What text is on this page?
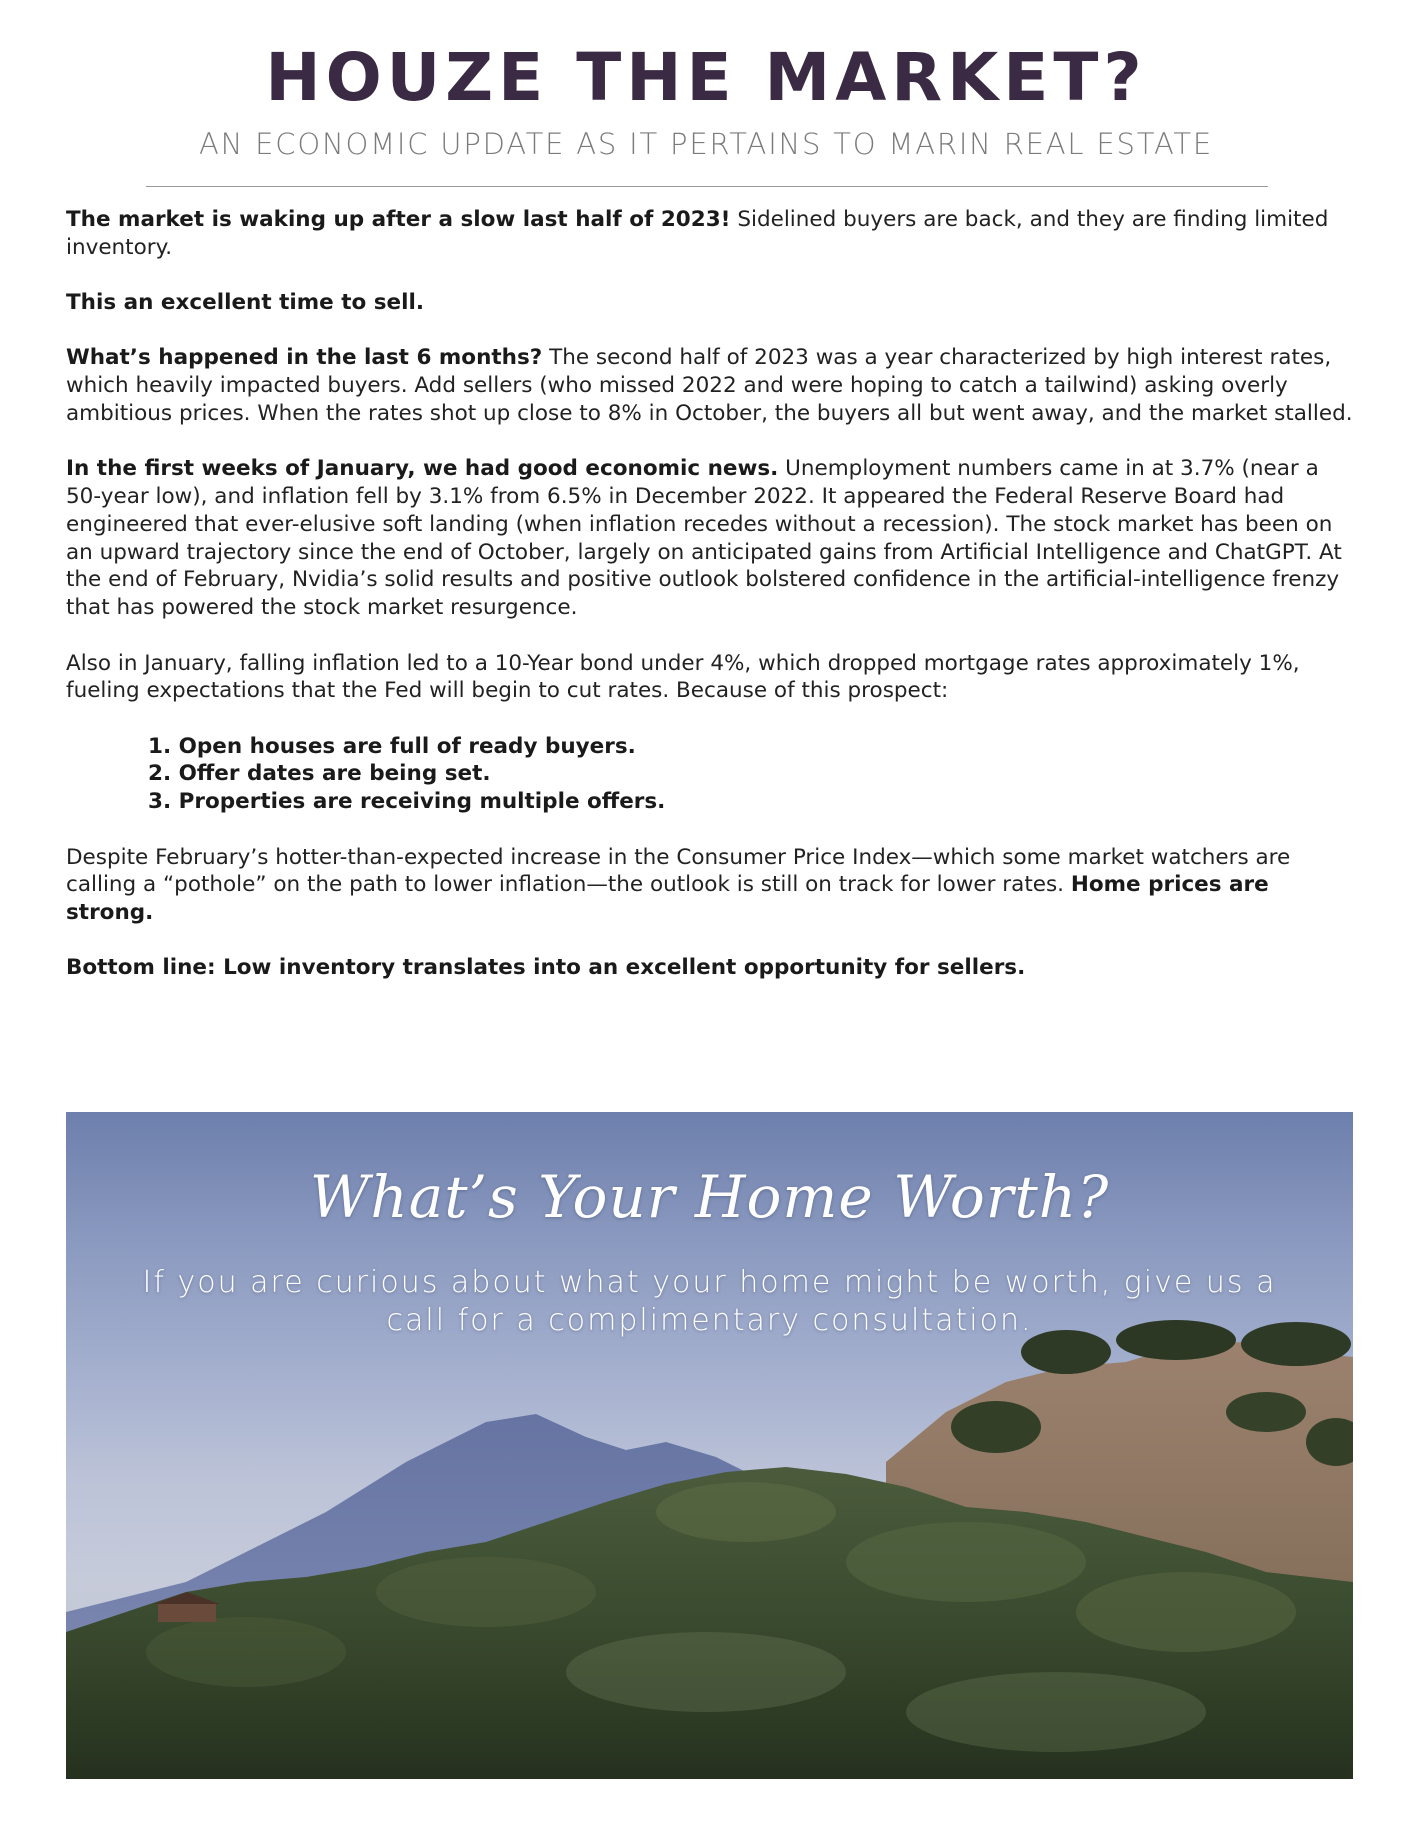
HOUZE THE MARKET?
AN ECONOMIC UPDATE AS IT PERTAINS TO MARIN REAL ESTATE

The market is waking up after a slow last half of 2023! Sidelined buyers are back, and they are finding limited inventory.

This an excellent time to sell.

What’s happened in the last 6 months? The second half of 2023 was a year characterized by high interest rates, which heavily impacted buyers. Add sellers (who missed 2022 and were hoping to catch a tailwind) asking overly ambitious prices. When the rates shot up close to 8% in October, the buyers all but went away, and the market stalled.

In the first weeks of January, we had good economic news. Unemployment numbers came in at 3.7% (near a 50-year low), and inflation fell by 3.1% from 6.5% in December 2022. It appeared the Federal Reserve Board had engineered that ever-elusive soft landing (when inflation recedes without a recession). The stock market has been on an upward trajectory since the end of October, largely on anticipated gains from Artificial Intelligence and ChatGPT. At the end of February, Nvidia’s solid results and positive outlook bolstered confidence in the artificial-intelligence frenzy that has powered the stock market resurgence.

Also in January, falling inflation led to a 10-Year bond under 4%, which dropped mortgage rates approximately 1%, fueling expectations that the Fed will begin to cut rates. Because of this prospect:

1. Open houses are full of ready buyers.
2. Offer dates are being set.
3. Properties are receiving multiple offers.

Despite February’s hotter-than-expected increase in the Consumer Price Index—which some market watchers are calling a “pothole” on the path to lower inflation—the outlook is still on track for lower rates. Home prices are strong.

Bottom line: Low inventory translates into an excellent opportunity for sellers.

What’s Your Home Worth?
If you are curious about what your home might be worth, give us a call for a complimentary consultation.
